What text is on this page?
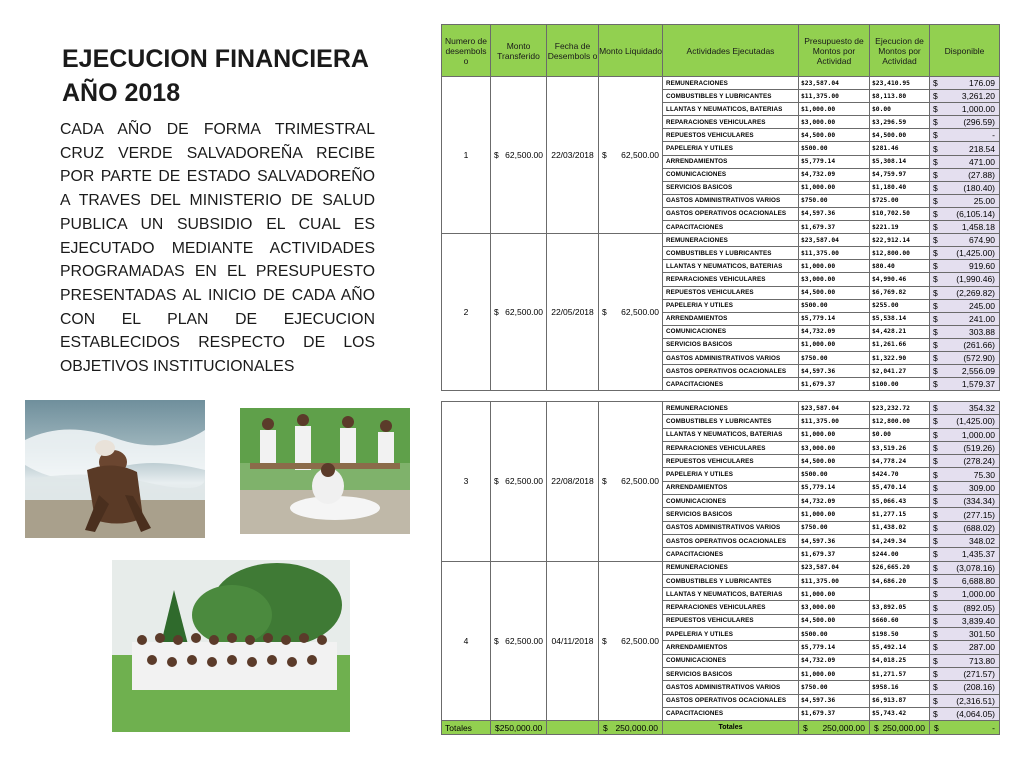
EJECUCION FINANCIERA
AÑO 2018
CADA AÑO DE FORMA TRIMESTRAL CRUZ VERDE SALVADOREÑA RECIBE POR PARTE DE ESTADO SALVADOREÑO A TRAVES DEL MINISTERIO DE SALUD PUBLICA UN SUBSIDIO EL CUAL ES EJECUTADO MEDIANTE ACTIVIDADES PROGRAMADAS EN EL PRESUPUESTO PRESENTADAS AL INICIO DE CADA AÑO CON EL PLAN DE EJECUCION ESTABLECIDOS RESPECTO DE LOS OBJETIVOS INSTITUCIONALES
Numero de desembols o	Monto Transferido	Fecha de Desembols o	Monto Liquidado	Actividades Ejecutadas	Presupuesto de Montos por Actividad	Ejecucion de Montos por Actividad	Disponible
1	$ 62,500.00	22/03/2018	$ 62,500.00	REMUNERACIONES	$23,587.04	$23,410.95	$ 176.09

				COMBUSTIBLES Y LUBRICANTES	$11,375.00	$8,113.80	$ 3,261.20

				LLANTAS Y NEUMATICOS, BATERIAS	$1,000.00	$0.00	$ 1,000.00

				REPARACIONES VEHICULARES	$3,000.00	$3,296.59	$ (296.59)

				REPUESTOS VEHICULARES	$4,500.00	$4,500.00	$ -

				PAPELERIA Y UTILES	$500.00	$281.46	$ 218.54

				ARRENDAMIENTOS	$5,779.14	$5,308.14	$ 471.00

				COMUNICACIONES	$4,732.09	$4,759.97	$ (27.88)

				SERVICIOS BASICOS	$1,000.00	$1,180.40	$ (180.40)

				GASTOS ADMINISTRATIVOS VARIOS	$750.00	$725.00	$ 25.00

				GASTOS OPERATIVOS OCACIONALES	$4,597.36	$10,702.50	$ (6,105.14)

				CAPACITACIONES	$1,679.37	$221.19	$ 1,458.18

2	$ 62,500.00	22/05/2018	$ 62,500.00	REMUNERACIONES	$23,587.04	$22,912.14	$ 674.90

				COMBUSTIBLES Y LUBRICANTES	$11,375.00	$12,800.00	$ (1,425.00)

				LLANTAS Y NEUMATICOS, BATERIAS	$1,000.00	$80.40	$ 919.60

				REPARACIONES VEHICULARES	$3,000.00	$4,990.46	$ (1,990.46)

				REPUESTOS VEHICULARES	$4,500.00	$6,769.82	$ (2,269.82)

				PAPELERIA Y UTILES	$500.00	$255.00	$ 245.00

				ARRENDAMIENTOS	$5,779.14	$5,538.14	$ 241.00

				COMUNICACIONES	$4,732.09	$4,428.21	$ 303.88

				SERVICIOS BASICOS	$1,000.00	$1,261.66	$ (261.66)

				GASTOS ADMINISTRATIVOS VARIOS	$750.00	$1,322.90	$ (572.90)

				GASTOS OPERATIVOS OCACIONALES	$4,597.36	$2,041.27	$ 2,556.09

				CAPACITACIONES	$1,679.37	$100.00	$ 1,579.37
3	$ 62,500.00	22/08/2018	$ 62,500.00	REMUNERACIONES	$23,587.04	$23,232.72	$ 354.32

				COMBUSTIBLES Y LUBRICANTES	$11,375.00	$12,800.00	$ (1,425.00)

				LLANTAS Y NEUMATICOS, BATERIAS	$1,000.00	$0.00	$ 1,000.00

				REPARACIONES VEHICULARES	$3,000.00	$3,519.26	$ (519.26)

				REPUESTOS VEHICULARES	$4,500.00	$4,778.24	$ (278.24)

				PAPELERIA Y UTILES	$500.00	$424.70	$ 75.30

				ARRENDAMIENTOS	$5,779.14	$5,470.14	$ 309.00

				COMUNICACIONES	$4,732.09	$5,066.43	$ (334.34)

				SERVICIOS BASICOS	$1,000.00	$1,277.15	$ (277.15)

				GASTOS ADMINISTRATIVOS VARIOS	$750.00	$1,438.02	$ (688.02)

				GASTOS OPERATIVOS OCACIONALES	$4,597.36	$4,249.34	$ 348.02

				CAPACITACIONES	$1,679.37	$244.00	$ 1,435.37

4	$ 62,500.00	04/11/2018	$ 62,500.00	REMUNERACIONES	$23,587.04	$26,665.20	$ (3,078.16)

				COMBUSTIBLES Y LUBRICANTES	$11,375.00	$4,686.20	$ 6,688.80

				LLANTAS Y NEUMATICOS, BATERIAS	$1,000.00		$ 1,000.00

				REPARACIONES VEHICULARES	$3,000.00	$3,892.05	$ (892.05)

				REPUESTOS VEHICULARES	$4,500.00	$660.60	$ 3,839.40

				PAPELERIA Y UTILES	$500.00	$198.50	$ 301.50

				ARRENDAMIENTOS	$5,779.14	$5,492.14	$ 287.00

				COMUNICACIONES	$4,732.09	$4,018.25	$ 713.80

				SERVICIOS BASICOS	$1,000.00	$1,271.57	$ (271.57)

				GASTOS ADMINISTRATIVOS VARIOS	$750.00	$958.16	$ (208.16)

				GASTOS OPERATIVOS OCACIONALES	$4,597.36	$6,913.87	$ (2,316.51)

				CAPACITACIONES	$1,679.37	$5,743.42	$ (4,064.05)

Totales	$ 250,000.00		$ 250,000.00	Totales	$ 250,000.00	$ 250,000.00	$ -
